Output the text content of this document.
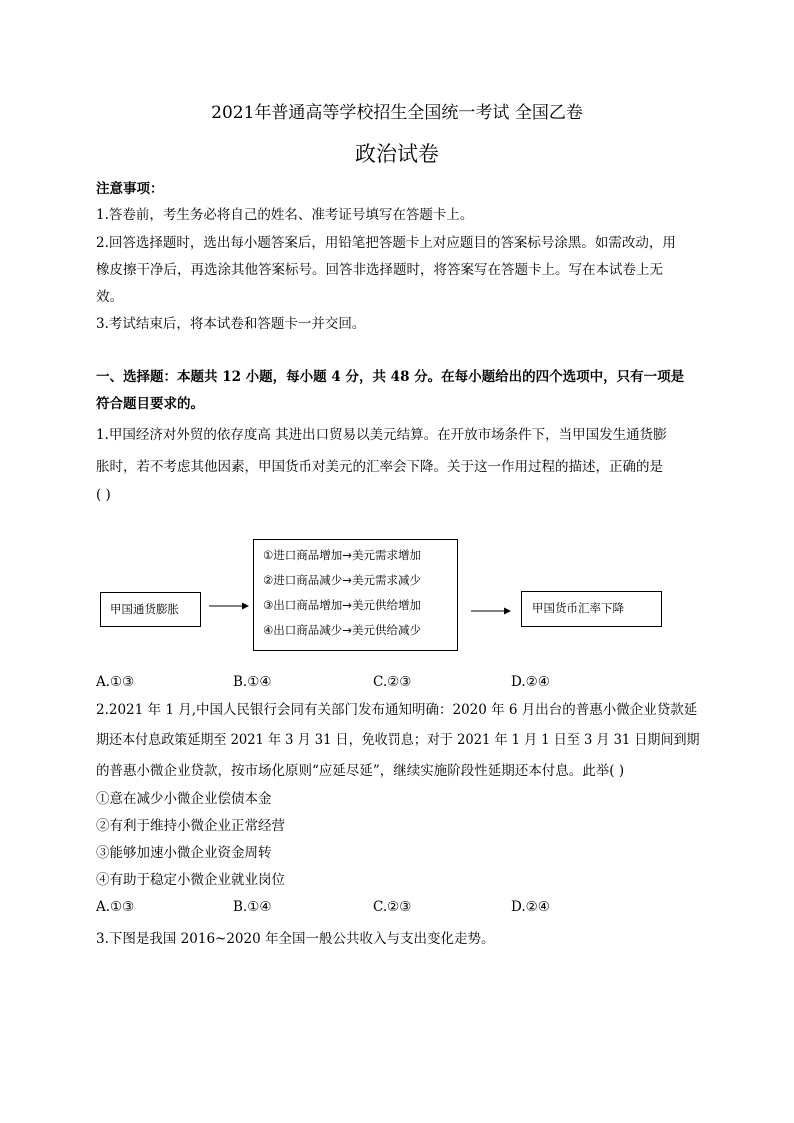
2021年普通高等学校招生全国统一考试 全国乙卷
政治试卷
注意事项：
1.答卷前，考生务必将自己的姓名、准考证号填写在答题卡上。
2.回答选择题时，选出每小题答案后，用铅笔把答题卡上对应题目的答案标号涂黑。如需改动，用
橡皮擦干净后，再选涂其他答案标号。回答非选择题时，将答案写在答题卡上。写在本试卷上无
效。
3.考试结束后，将本试卷和答题卡一并交回。
一、选择题：本题共 12 小题，每小题 4 分，共 48 分。在每小题给出的四个选项中，只有一项是
符合题目要求的。
1.甲国经济对外贸的依存度高 其进出口贸易以美元结算。在开放市场条件下，当甲国发生通货膨
胀时，若不考虑其他因素，甲国货币对美元的汇率会下降。关于这一作用过程的描述，正确的是
( )
甲国通货膨胀
①进口商品增加→美元需求增加
②进口商品减少→美元需求减少
③出口商品增加→美元供给增加
④出口商品减少→美元供给减少
甲国货币汇率下降
A.①③	B.①④	C.②③	D.②④
2.2021 年 1 月,中国人民银行会同有关部门发布通知明确：2020 年 6 月出台的普惠小微企业贷款延
期还本付息政策延期至 2021 年 3 月 31 日，免收罚息；对于 2021 年 1 月 1 日至 3 月 31 日期间到期
的普惠小微企业贷款，按市场化原则“应延尽延”，继续实施阶段性延期还本付息。此举( )
①意在减少小微企业偿债本金
②有利于维持小微企业正常经营
③能够加速小微企业资金周转
④有助于稳定小微企业就业岗位
A.①③	B.①④	C.②③	D.②④
3.下图是我国 2016~2020 年全国一般公共收入与支出变化走势。
